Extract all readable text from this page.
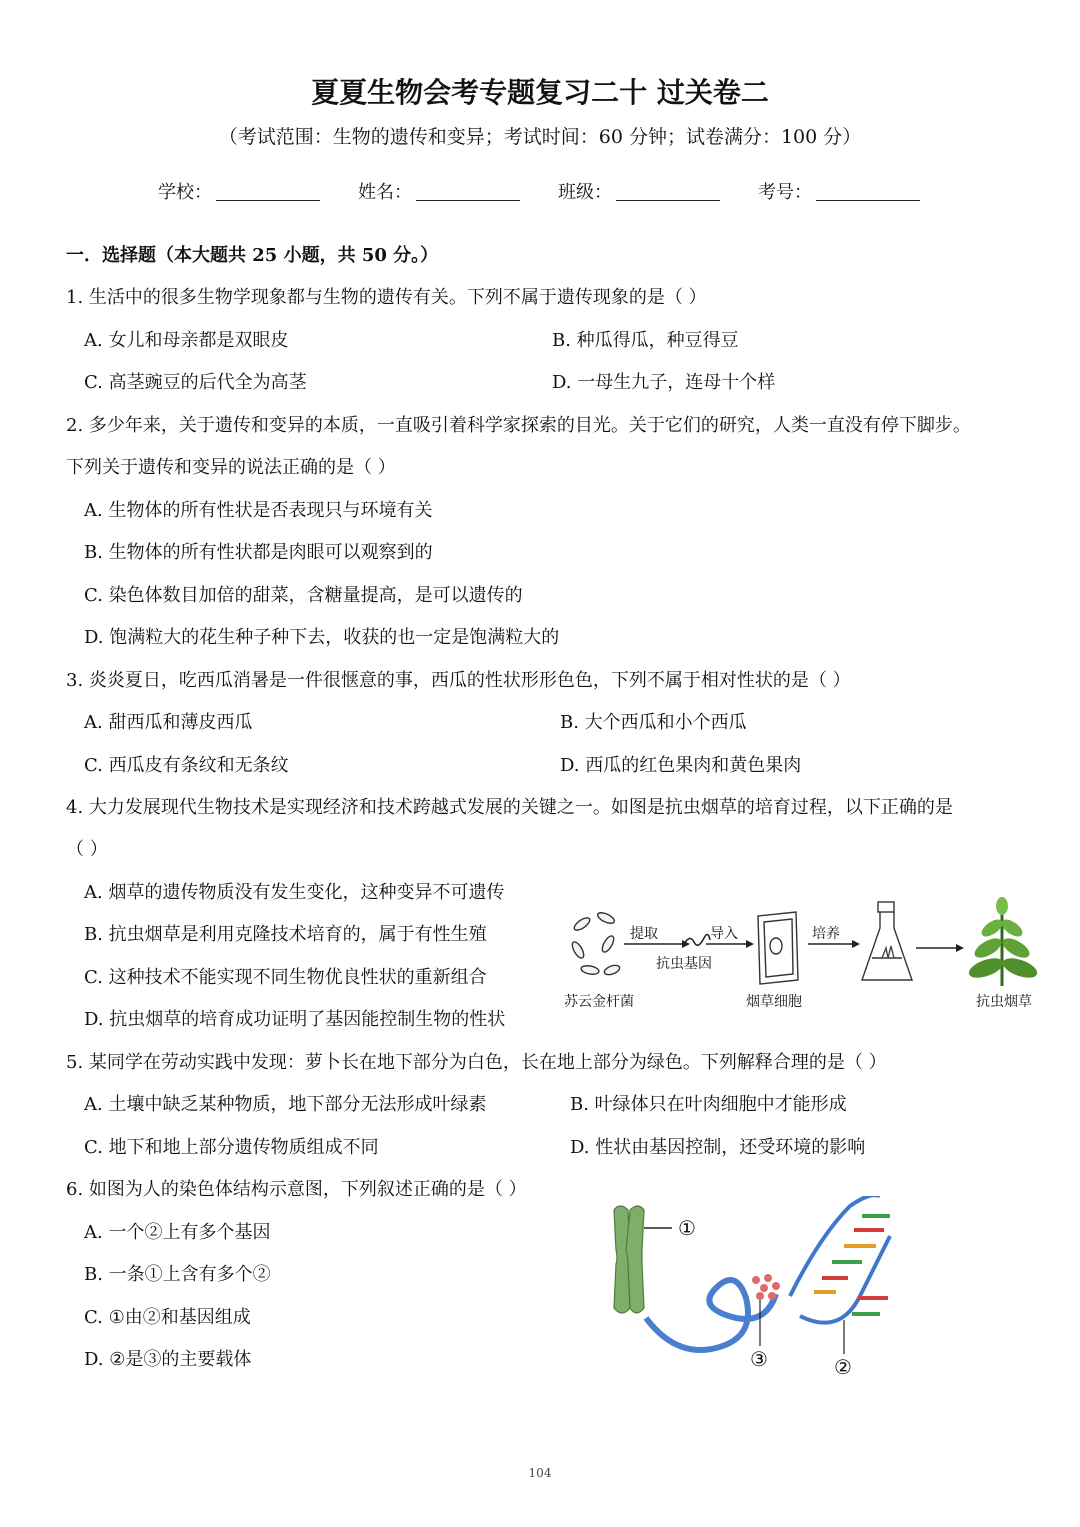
夏夏生物会考专题复习二十 过关卷二
（考试范围：生物的遗传和变异；考试时间：60 分钟；试卷满分：100 分）
学校：	姓名：	班级：	考号：
一．选择题（本大题共 25 小题，共 50 分。）
1. 生活中的很多生物学现象都与生物的遗传有关。下列不属于遗传现象的是（ ）
A. 女儿和母亲都是双眼皮	B. 种瓜得瓜，种豆得豆
C. 高茎豌豆的后代全为高茎	D. 一母生九子，连母十个样
2. 多少年来，关于遗传和变异的本质，一直吸引着科学家探索的目光。关于它们的研究，人类一直没有停下脚步。
下列关于遗传和变异的说法正确的是（ ）
A. 生物体的所有性状是否表现只与环境有关
B. 生物体的所有性状都是肉眼可以观察到的
C. 染色体数目加倍的甜菜，含糖量提高，是可以遗传的
D. 饱满粒大的花生种子种下去，收获的也一定是饱满粒大的
3. 炎炎夏日，吃西瓜消暑是一件很惬意的事，西瓜的性状形形色色，下列不属于相对性状的是（ ）
A. 甜西瓜和薄皮西瓜	B. 大个西瓜和小个西瓜
C. 西瓜皮有条纹和无条纹	D. 西瓜的红色果肉和黄色果肉
4. 大力发展现代生物技术是实现经济和技术跨越式发展的关键之一。如图是抗虫烟草的培育过程，以下正确的是
（ ）
A. 烟草的遗传物质没有发生变化，这种变异不可遗传
B. 抗虫烟草是利用克隆技术培育的，属于有性生殖
C. 这种技术不能实现不同生物优良性状的重新组合
D. 抗虫烟草的培育成功证明了基因能控制生物的性状
提取	导入	培养
抗虫基因
苏云金杆菌	烟草细胞	抗虫烟草
5. 某同学在劳动实践中发现：萝卜长在地下部分为白色，长在地上部分为绿色。下列解释合理的是（ ）
A. 土壤中缺乏某种物质，地下部分无法形成叶绿素	B. 叶绿体只在叶肉细胞中才能形成
C. 地下和地上部分遗传物质组成不同	D. 性状由基因控制，还受环境的影响
6. 如图为人的染色体结构示意图，下列叙述正确的是（ ）
A. 一个②上有多个基因
B. 一条①上含有多个②
C. ①由②和基因组成
D. ②是③的主要载体
①
③	②
104
